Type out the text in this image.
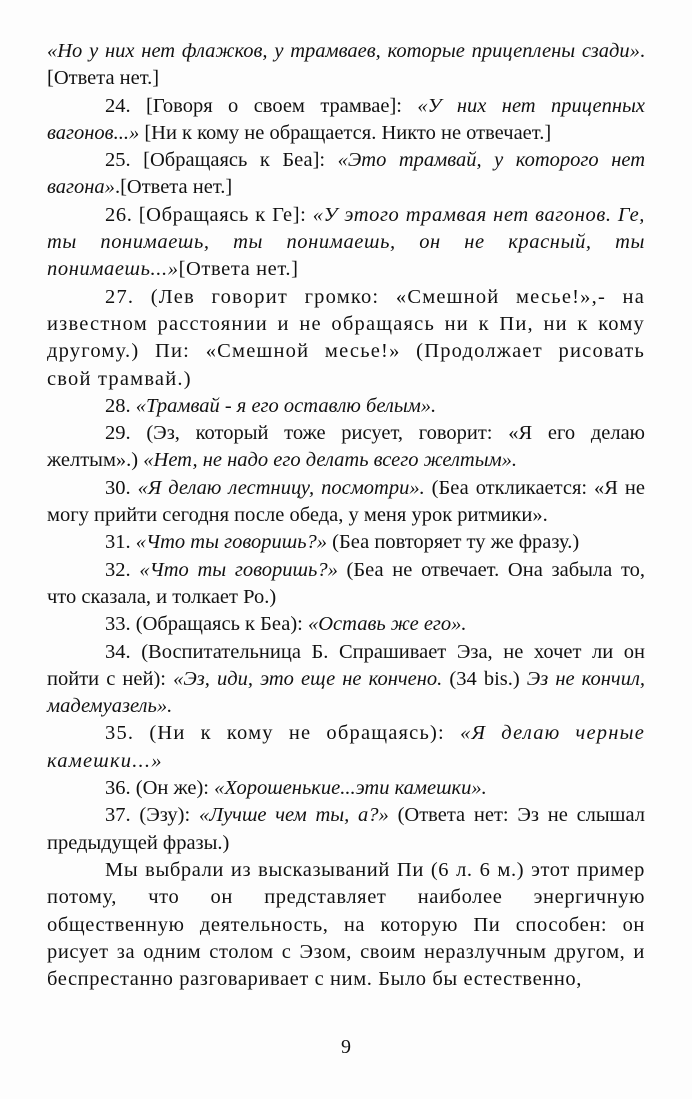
«Но у них нет флажков, у трамваев, которые прицеплены сзади». [Ответа нет.]

24. [Говоря о своем трамвае]: «У них нет прицепных вагонов...» [Ни к кому не обращается. Никто не отвечает.]

25. [Обращаясь к Беа]: «Это трамвай, у которого нет вагона».[Ответа нет.]

26. [Обращаясь к Ге]: «У этого трамвая нет вагонов. Ге, ты понимаешь, ты понимаешь, он не красный, ты понимаешь...»[Ответа нет.]

27. (Лев говорит громко: «Смешной месье!»,- на известном расстоянии и не обращаясь ни к Пи, ни к кому другому.) Пи: «Смешной месье!» (Продолжает рисовать свой трамвай.)

28. «Трамвай - я его оставлю белым».

29. (Эз, который тоже рисует, говорит: «Я его делаю желтым».) «Нет, не надо его делать всего желтым».

30. «Я делаю лестницу, посмотри». (Беа откликается: «Я не могу прийти сегодня после обеда, у меня урок ритмики».

31. «Что ты говоришь?» (Беа повторяет ту же фразу.)

32. «Что ты говоришь?» (Беа не отвечает. Она забыла то, что сказала, и толкает Ро.)

33. (Обращаясь к Беа): «Оставь же его».

34. (Воспитательница Б. Спрашивает Эза, не хочет ли он пойти с ней): «Эз, иди, это еще не кончено. (34 bis.) Эз не кончил, мадемуазель».

35. (Ни к кому не обращаясь): «Я делаю черные камешки...»

36. (Он же): «Хорошенькие...эти камешки».

37. (Эзу): «Лучше чем ты, а?» (Ответа нет: Эз не слышал предыдущей фразы.)

Мы выбрали из высказываний Пи (6 л. 6 м.) этот пример потому, что он представляет наиболее энергичную общественную деятельность, на которую Пи способен: он рисует за одним столом с Эзом, своим неразлучным другом, и беспрестанно разговаривает с ним. Было бы естественно,

9
